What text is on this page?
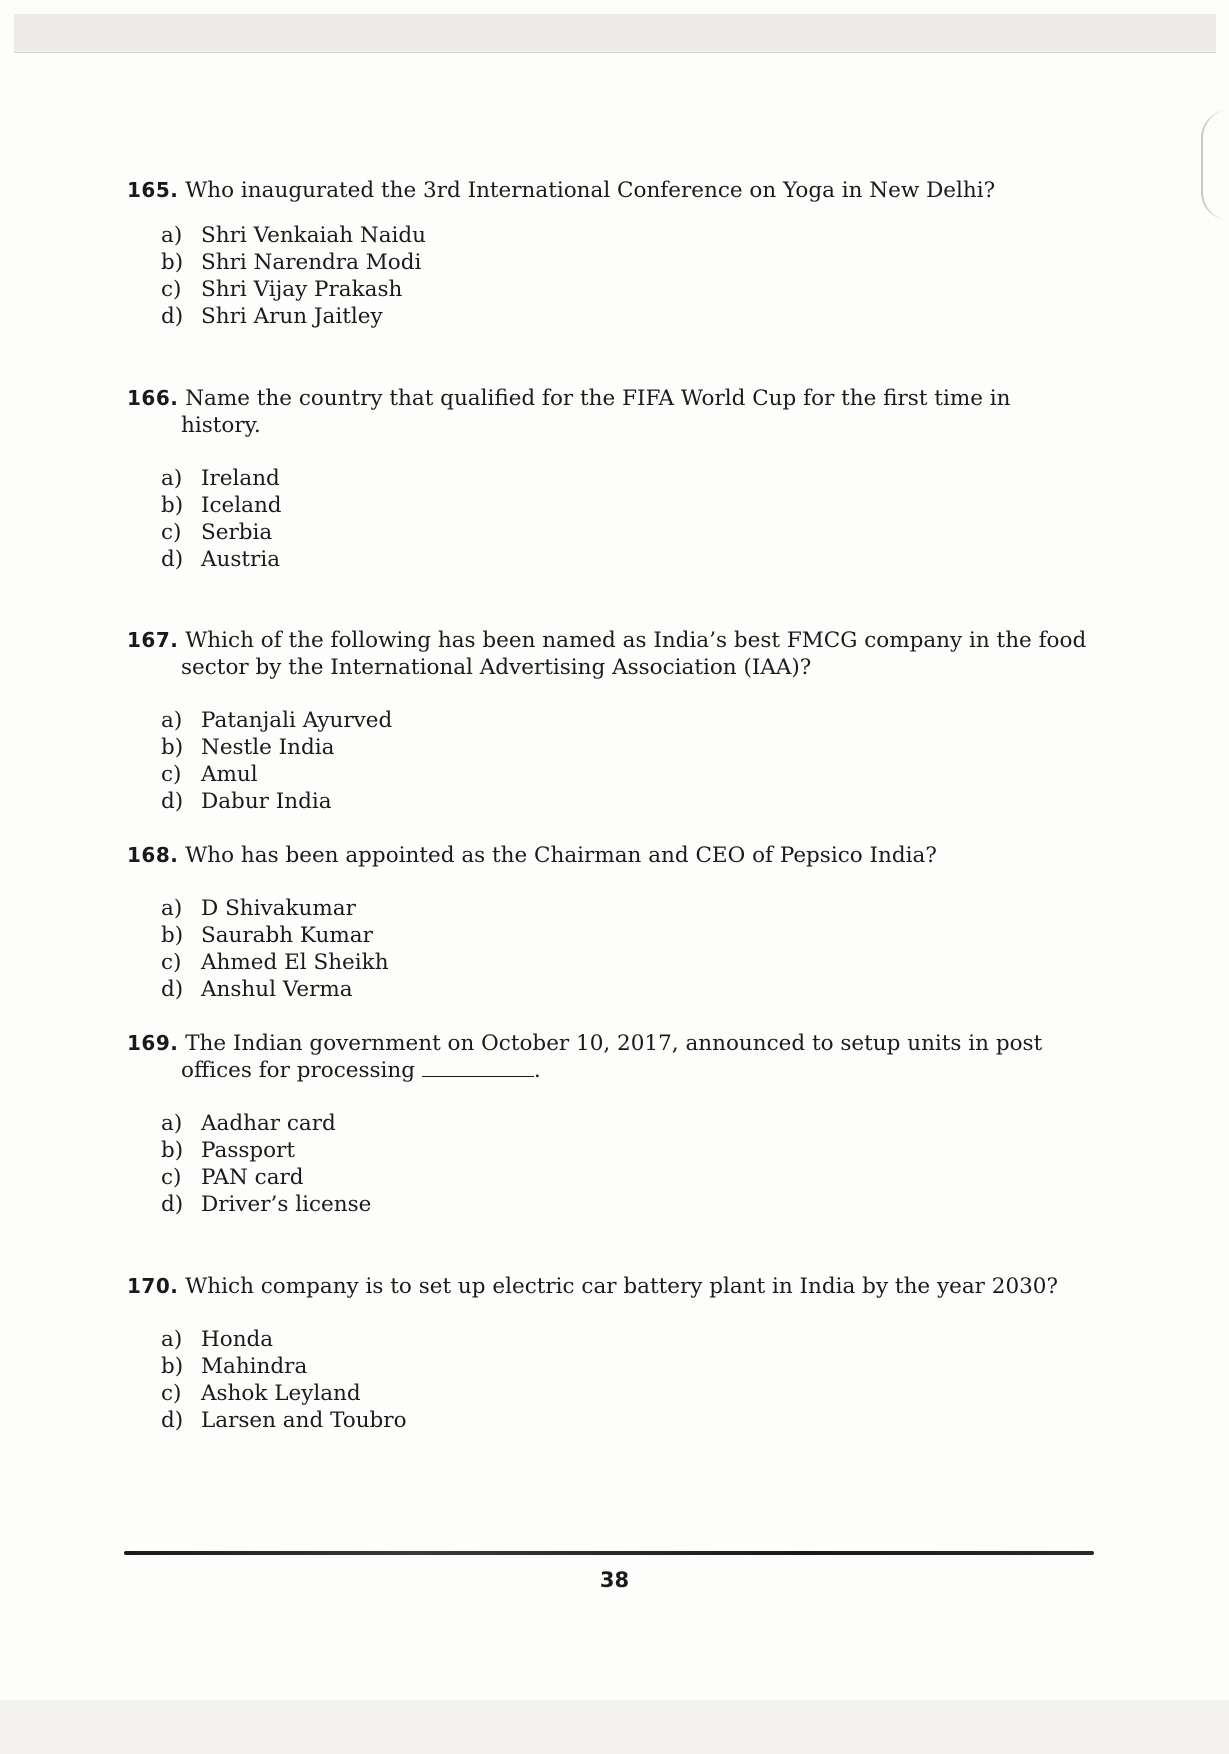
165. Who inaugurated the 3rd International Conference on Yoga in New Delhi?

a) Shri Venkaiah Naidu
b) Shri Narendra Modi
c) Shri Vijay Prakash
d) Shri Arun Jaitley

166. Name the country that qualified for the FIFA World Cup for the first time in history.

a) Ireland
b) Iceland
c) Serbia
d) Austria

167. Which of the following has been named as India’s best FMCG company in the food sector by the International Advertising Association (IAA)?

a) Patanjali Ayurved
b) Nestle India
c) Amul
d) Dabur India

168. Who has been appointed as the Chairman and CEO of Pepsico India?

a) D Shivakumar
b) Saurabh Kumar
c) Ahmed El Sheikh
d) Anshul Verma

169. The Indian government on October 10, 2017, announced to setup units in post offices for processing	.

a) Aadhar card
b) Passport
c) PAN card
d) Driver’s license

170. Which company is to set up electric car battery plant in India by the year 2030?

a) Honda
b) Mahindra
c) Ashok Leyland
d) Larsen and Toubro
38
